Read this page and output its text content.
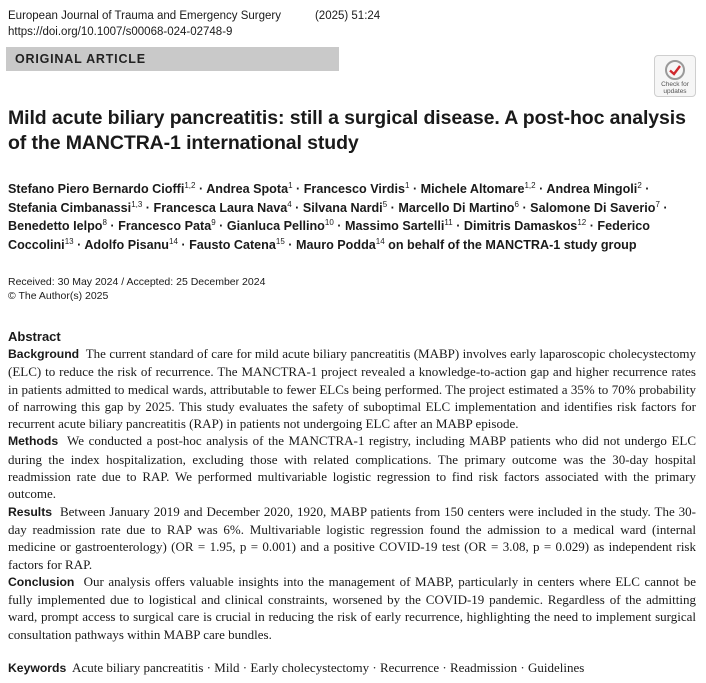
European Journal of Trauma and Emergency Surgery	(2025) 51:24
https://doi.org/10.1007/s00068-024-02748-9
ORIGINAL ARTICLE
Check for
updates
Mild acute biliary pancreatitis: still a surgical disease. A post-hoc analysis of the MANCTRA-1 international study
Stefano Piero Bernardo Cioffi$^{1,2}$ · Andrea Spota$^1$ · Francesco Virdis$^1$ · Michele Altomare$^{1,2}$ · Andrea Mingoli$^2$ · Stefania Cimbanassi$^{1,3}$ · Francesca Laura Nava$^4$ · Silvana Nardi$^5$ · Marcello Di Martino$^6$ · Salomone Di Saverio$^7$ · Benedetto Ielpo$^8$ · Francesco Pata$^9$ · Gianluca Pellino$^{10}$ · Massimo Sartelli$^{11}$ · Dimitris Damaskos$^{12}$ · Federico Coccolini$^{13}$ · Adolfo Pisanu$^{14}$ · Fausto Catena$^{15}$ · Mauro Podda$^{14}$ on behalf of the MANCTRA-1 study group
Received: 30 May 2024 / Accepted: 25 December 2024
© The Author(s) 2025
Abstract

Background The current standard of care for mild acute biliary pancreatitis (MABP) involves early laparoscopic cholecystectomy (ELC) to reduce the risk of recurrence. The MANCTRA-1 project revealed a knowledge-to-action gap and higher recurrence rates in patients admitted to medical wards, attributable to fewer ELCs being performed. The project estimated a 35% to 70% probability of narrowing this gap by 2025. This study evaluates the safety of suboptimal ELC implementation and identifies risk factors for recurrent acute biliary pancreatitis (RAP) in patients not undergoing ELC after an MABP episode.

Methods We conducted a post-hoc analysis of the MANCTRA-1 registry, including MABP patients who did not undergo ELC during the index hospitalization, excluding those with related complications. The primary outcome was the 30-day hospital readmission rate due to RAP. We performed multivariable logistic regression to find risk factors associated with the primary outcome.

Results Between January 2019 and December 2020, 1920, MABP patients from 150 centers were included in the study. The 30-day readmission rate due to RAP was 6%. Multivariable logistic regression found the admission to a medical ward (internal medicine or gastroenterology) (OR = 1.95, p = 0.001) and a positive COVID-19 test (OR = 3.08, p = 0.029) as independent risk factors for RAP.

Conclusion Our analysis offers valuable insights into the management of MABP, particularly in centers where ELC cannot be fully implemented due to logistical and clinical constraints, worsened by the COVID-19 pandemic. Regardless of the admitting ward, prompt access to surgical care is crucial in reducing the risk of early recurrence, highlighting the need to implement surgical consultation pathways within MABP care bundles.

Keywords Acute biliary pancreatitis · Mild · Early cholecystectomy · Recurrence · Readmission · Guidelines
